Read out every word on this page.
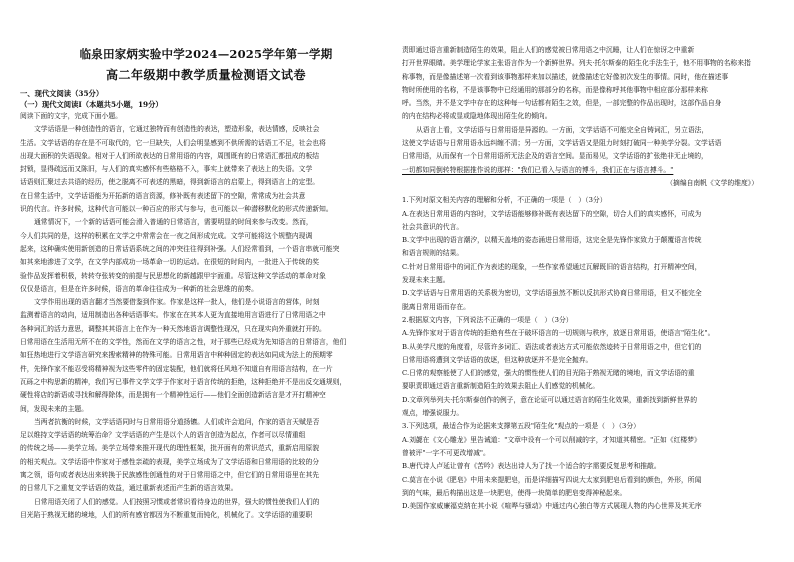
临泉田家炳实验中学2024—2025学年第一学期
高二年级期中教学质量检测语文试卷
一、现代文阅读（35分）
（一）现代文阅读Ⅰ（本题共5小题，19分）
阅读下面的文字，完成下面小题。
文学话语是一种创造性的语言，它通过独特而有创造性的表达，塑造形象，表达情感，反映社会
生活。文学话语的存在是不可取代的，它一旦缺失，人们会明显感到不供所需的话语工不足，社会也将
出现大面积的失语现象。相对于人们所欲表达的日常用语的内容，周围既有的日常语汇都扭成的板结
封锁，显得疏远而又陈旧，与人们的真实感怀有些格格不入，事实上就带来了表达上的失语。文学
话语则汇聚过去共语的经历，使之脱离不可表述的黑暗，得到新语言的启蒙上，得到语言上的定型。
在日常生活中，文学话语能为开拓新的语言资源，修补既有表述留下的空隙，常常成为社会共意
识的代言。许多时候，这种代言可能以一种百应的形式与参与，也可能以一种潜移默化的形式传递新知。
通常情况下，一个新的话语可能会滑入普通的日常语言，需要明显的时间来参与改变。然而，
今人们共同的是，这样的积累在文学之中常常会在一夜之间形成完成。文学可能将这个规整内现调
起来，这种确实使用新创造的日常话语系统之间的冲突往往得到补强。人们经常看到，一个语言串就可能突
如其来地渗进了文学，在文学内部成功一场革命一切的运动。在很短的时间内，一批进入于传统的奖
验作品发挥着积极，转转夺张转变的前提与民思想化的新越跟甲宇面重。尽管这种文学活动的革命对象
仅仅是语言，但是在许多时候，语言的革命往往成为一种新的社会思维的前奏。
文学作用出现的语言翻才当然要借鉴到作家。作家是这样一批人，他们是小说语言的营体，时刻
监测着语言的动向，适用制造出各种话语事实。作家在在其本人更为直接地用言语进行了日常用语之中
各种词汇的活力意思，调整其其语言上在作为一种天然地语言调整性现况，只在现实向外重就打开的。
日常用语在生活用无所不在的文学性，然而在文学的语言之性，对于那些已经成为先知语言的日常语言，他们
如狂热地进行文学语言研究来搜索精神的特殊可能。日常用语言中种种固定的表达如同成为法上的预期零
件，先锋作家不能忍受将精神视为这些零件的固定装配，他们就将任风地不知道自有用语言结构，在一片
瓦砾之中构思新的精神，我们写已事件文学文学于作家对于语言传统的拒绝，这种拒绝并不是出反交通规则，
硬性将店的新语或寻找和解得除体，而是拥有一个精神性运行——他们全面创造新话言是才开打精神空
间，发现未来的主题。
当两者抗衡的时候，文学话语同时与日常用语分道扬镳。人们或许会追问，作家的语言天赋是否
足以维持文学话语的统筹治命？文学话语的产生是以个人的语言创造为起点，作者可以尽情重组
的传统之场——美学立场。美学立场带来推开现代的理性框架，批开面有的常识范式，重新启用原貌
的相关观点。文学话语中作家对于感性亲疏的表现，美学立场成为了文学话语和日常用语的比较的分
寓之领，语句或者表达出来转换于民族感性创通性的对于日常用语之中，但它们的日常用语里在其先
的日常几下之重复文学话语的效益，通过重新表述而产生新的语言效果。
日常用语关闭了人们的感觉。人们按照习惯或者常识看待身边的世界，强大的惯性使我们人们的
目光陷于熟视无睹的境地，人们的所有感官都因为不断重复而钝化，机械化了。文学话语的重要职
责即通过语言重新制造陌生的效果，阻止人们的感觉被日常用语之中沉睡，让人们在惊讶之中重新
打开世界眼睛。美学理论学家主张语言作为一个新鲜世界。列夫·托尔斯泰的陌生化手法生于，他不用事物的名称来指
称事物，而是像描述第一次看到该事物那样来加以描述，就像描述它好像初次发生的事情。同时，他在描述事
物时所使用的名称，不是该事物中已经通用的那部分的名称，而是像称呼其他事物中相应部分那样来称
呼。当然，并不是文学中存在的这种每一句话都有陌生之效，但是，一部完整的作品出现时，这部作品自身
的内在结构必将或显或隐地体现出陌生化的倾向。
从语言上看，文学话语与日常用语是异源的。一方面，文学话语不可能完全自铸词汇，另立语法，
这使文学话语与日常用语永远纠缠不清；另一方面，文学话语又是阻力时刻打破同一种美学分裂。文学话语
日常用语，从而保有一个日常用语所无法企及的语言空间。显而易见，文学话语的扩张绝非无止境的，
一切都如同倒转特根据推作说的那样："我们已看入与语言的博斗，我们正在与语言搏斗。"
（摘编自南帆《文学的维度》）
1.下列对原文相关内容的理解和分析，不正确的一项是（　）（3分）
A.在表达日常用语的内容时，文学话语能够修补既有表达留下的空隙，切合人们的真实感怀，可成为
社会共意识的代言。
B.文学中出现的语言潮汐，以精天盖地的姿态涌进日常用语，这完全是先锋作家致力于颠覆语言传统
和语言规则的结果。
C.针对日常用语中的词汇作为表述的现象，一些作家希望通过瓦解既旧的语言结构，打开精神空间，
发现未来主题。
D.文学话语与日常用语的关系极为密切，文学话语虽然不断以反抗形式协商日常用语，但又不能完全
脱离日常用语而存在。
2.根据原文内容，下列说法不正确的一项是（　）（3分）
A.先锋作家对于语言传统的拒绝有些在于破坏语言的一切规则与秩序，放逐日常用语，使语言"陌生化"。
B.从美学尺度的角度看，尽管许多词汇、语法或者表达方式可能依然迹转于日常用语之中，但它们的
日常用语将遭到文学话语的放逐，但这种放逐并不是完全抛弃。
C.日常的观察能使了人们的感觉，强大的惯性使人们的目光陷于熟视无睹的境地，而文学话语的重
要职责即通过语言重新制造陌生的效果去阻止人们感觉的机械化。
D.文章列举列夫·托尔斯泰创作的例子，意在论证可以通过语言的陌生化效果，重新找到新鲜世界的
观点，增强说服力。
3.下列选项，最适合作为论据来支撑第五段"陌生化"观点的一项是（　）（3分）
A.刘勰在《文心雕龙》里告诫道："文章中设有一个可以削减的字，才知道其精密。"正如《红楼梦》
曾被评"一字不可更改增减"。
B.唐代诗人卢延让曾有《苦吟》表达出诗人为了找一个适合的字需要反复思考和推敲。
C.莫言在小说《肥皂》中用未来提肥皂，而是详细描写四说大太家到肥皂后看到的颜色，外形，所闻
到的气味，最后构描出这是一块肥皂，使得一块简单的肥皂变得神秘起来。
D.美国作家威廉福克纳在其小说《喧哗与骚动》中通过内心独白等方式展现人物的内心世界及其无序
